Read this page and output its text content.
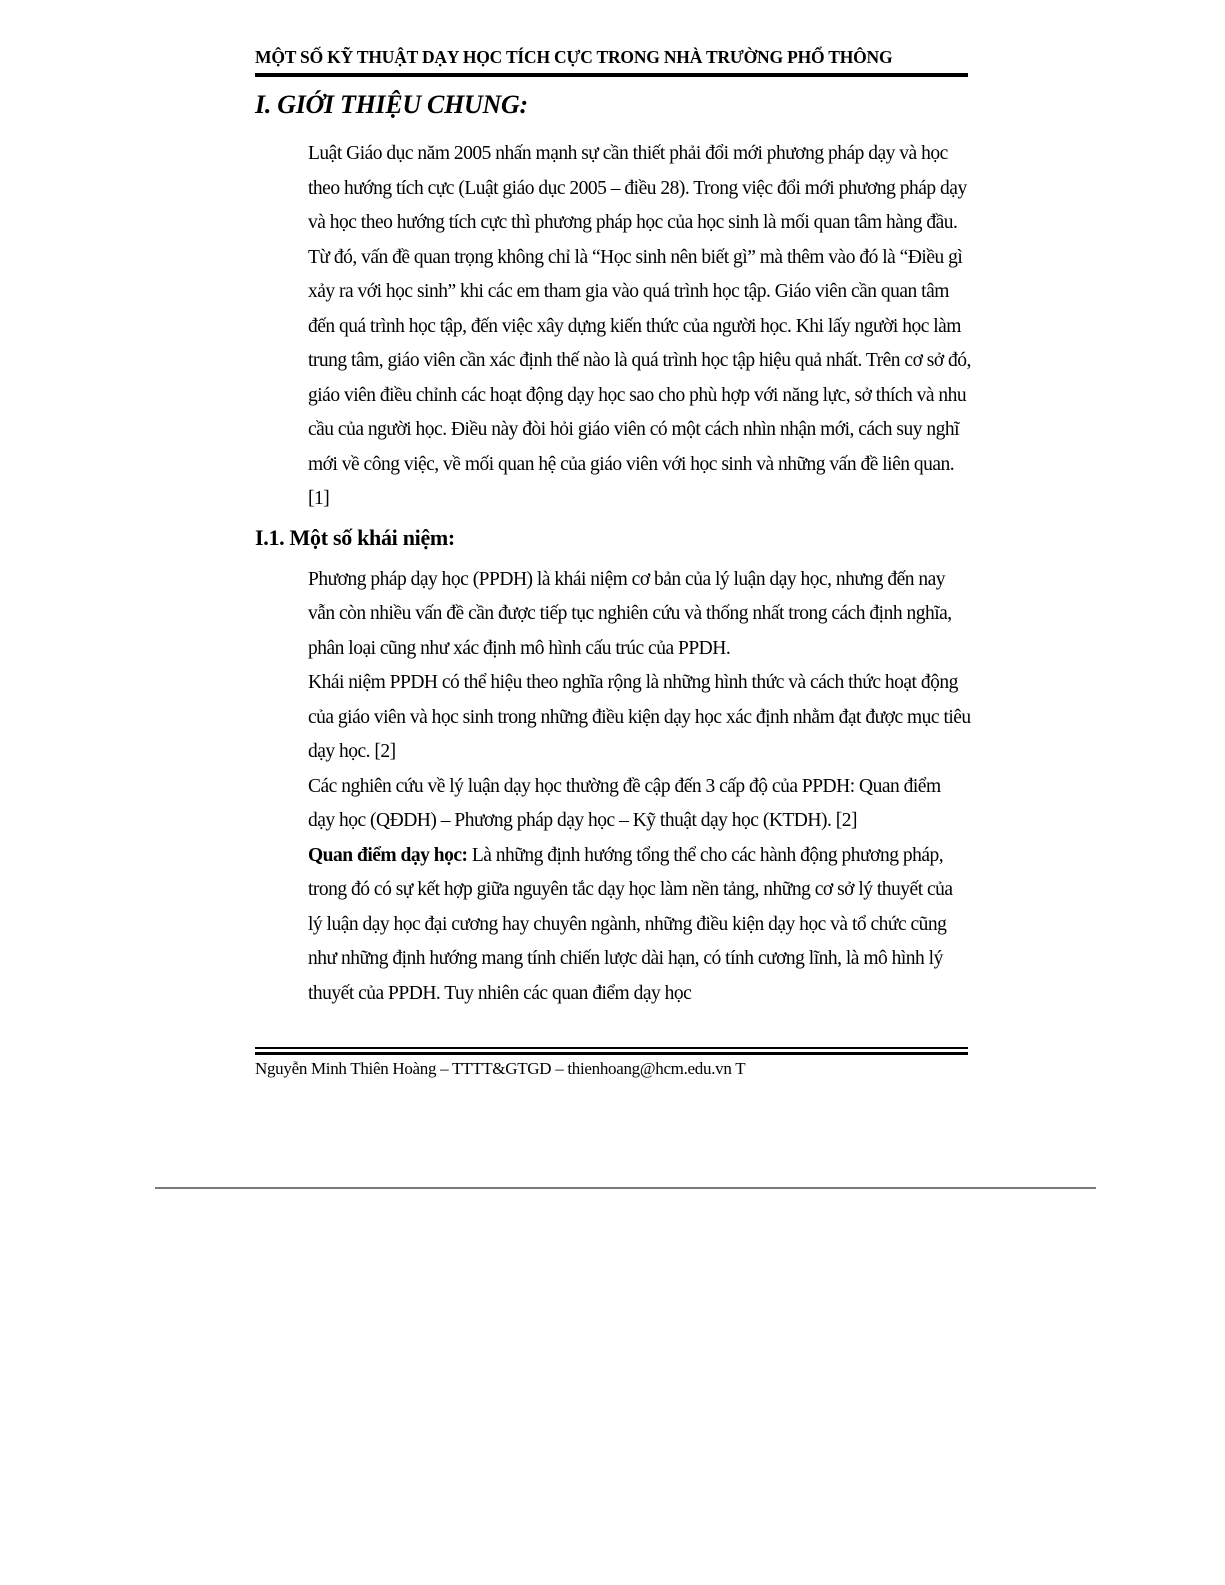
MỘT SỐ KỸ THUẬT DẠY HỌC TÍCH CỰC TRONG NHÀ TRƯỜNG PHỔ THÔNG
I. GIỚI THIỆU CHUNG:

Luật Giáo dục năm 2005 nhấn mạnh sự cần thiết phải đổi mới phương pháp dạy và học theo hướng tích cực (Luật giáo dục 2005 – điều 28). Trong việc đổi mới phương pháp dạy và học theo hướng tích cực thì phương pháp học của học sinh là mối quan tâm hàng đầu.

Từ đó, vấn đề quan trọng không chỉ là “Học sinh nên biết gì” mà thêm vào đó là “Điều gì xảy ra với học sinh” khi các em tham gia vào quá trình học tập. Giáo viên cần quan tâm đến quá trình học tập, đến việc xây dựng kiến thức của người học. Khi lấy người học làm trung tâm, giáo viên cần xác định thế nào là quá trình học tập hiệu quả nhất. Trên cơ sở đó, giáo viên điều chỉnh các hoạt động dạy học sao cho phù hợp với năng lực, sở thích và nhu cầu của người học. Điều này đòi hỏi giáo viên có một cách nhìn nhận mới, cách suy nghĩ mới về công việc, về mối quan hệ của giáo viên với học sinh và những vấn đề liên quan.[1]

I.1. Một số khái niệm:

Phương pháp dạy học (PPDH) là khái niệm cơ bản của lý luận dạy học, nhưng đến nay vẫn còn nhiều vấn đề cần được tiếp tục nghiên cứu và thống nhất trong cách định nghĩa, phân loại cũng như xác định mô hình cấu trúc của PPDH.

Khái niệm PPDH có thể hiệu theo nghĩa rộng là những hình thức và cách thức hoạt động của giáo viên và học sinh trong những điều kiện dạy học xác định nhằm đạt được mục tiêu dạy học. [2]

Các nghiên cứu về lý luận dạy học thường đề cập đến 3 cấp độ của PPDH: Quan điểm dạy học (QĐDH) – Phương pháp dạy học – Kỹ thuật dạy học (KTDH). [2]

Quan điểm dạy học: Là những định hướng tổng thể cho các hành động phương pháp, trong đó có sự kết hợp giữa nguyên tắc dạy học làm nền tảng, những cơ sở lý thuyết của lý luận dạy học đại cương hay chuyên ngành, những điều kiện dạy học và tổ chức cũng như những định hướng mang tính chiến lược dài hạn, có tính cương lĩnh, là mô hình lý thuyết của PPDH. Tuy nhiên các quan điểm dạy học

Nguyễn Minh Thiên Hoàng – TTTT&GTGD – thienhoang@hcm.edu.vn T
